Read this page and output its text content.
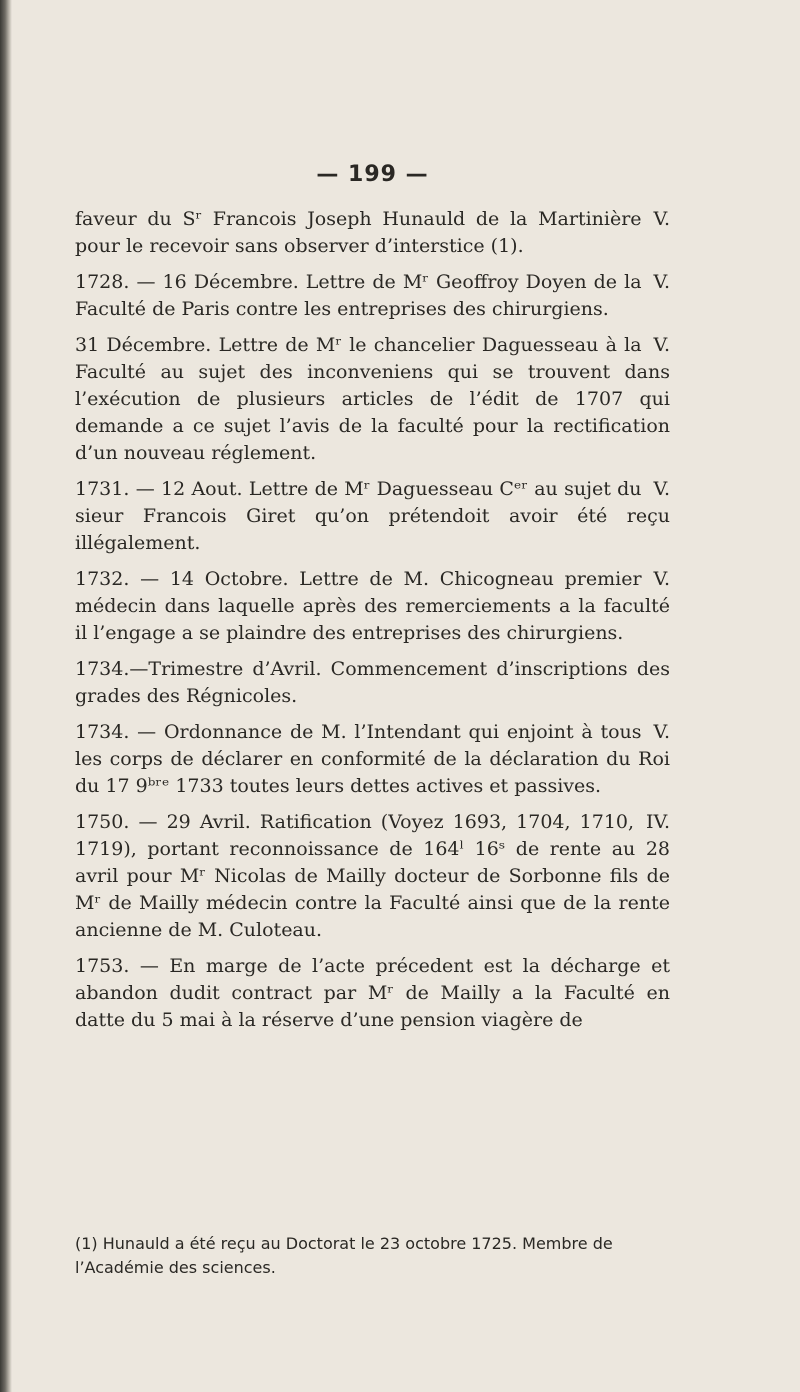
— 199 —

V.
faveur du Sʳ Francois Joseph Hunauld de la Martinière pour le recevoir sans observer d’interstice (1).

V.
1728. — 16 Décembre. Lettre de Mʳ Geoffroy Doyen de la Faculté de Paris contre les entreprises des chirurgiens.

V.
31 Décembre. Lettre de Mʳ le chancelier Daguesseau à la Faculté au sujet des inconveniens qui se trouvent dans l’exécution de plusieurs articles de l’édit de 1707 qui demande a ce sujet l’avis de la faculté pour la rectification d’un nouveau réglement.

V.
1731. — 12 Aout. Lettre de Mʳ Daguesseau Cᵉʳ au sujet du sieur Francois Giret qu’on prétendoit avoir été reçu illégalement.

V.
1732. — 14 Octobre. Lettre de M. Chicogneau premier médecin dans laquelle après des remerciements a la faculté il l’engage a se plaindre des entreprises des chirurgiens.

1734.—Trimestre d’Avril. Commencement d’inscriptions des grades des Régnicoles.

V.
1734. — Ordonnance de M. l’Intendant qui enjoint à tous les corps de déclarer en conformité de la déclaration du Roi du 17 9ᵇʳᵉ 1733 toutes leurs dettes actives et passives.

IV.
1750. — 29 Avril. Ratification (Voyez 1693, 1704, 1710, 1719), portant reconnoissance de 164ˡ 16ˢ de rente au 28 avril pour Mʳ Nicolas de Mailly docteur de Sorbonne fils de Mʳ de Mailly médecin contre la Faculté ainsi que de la rente ancienne de M. Culoteau.

1753. — En marge de l’acte précedent est la décharge et abandon dudit contract par Mʳ de Mailly a la Faculté en datte du 5 mai à la réserve d’une pension viagère de

(1) Hunauld a été reçu au Doctorat le 23 octobre 1725. Membre de l’Académie des sciences.
